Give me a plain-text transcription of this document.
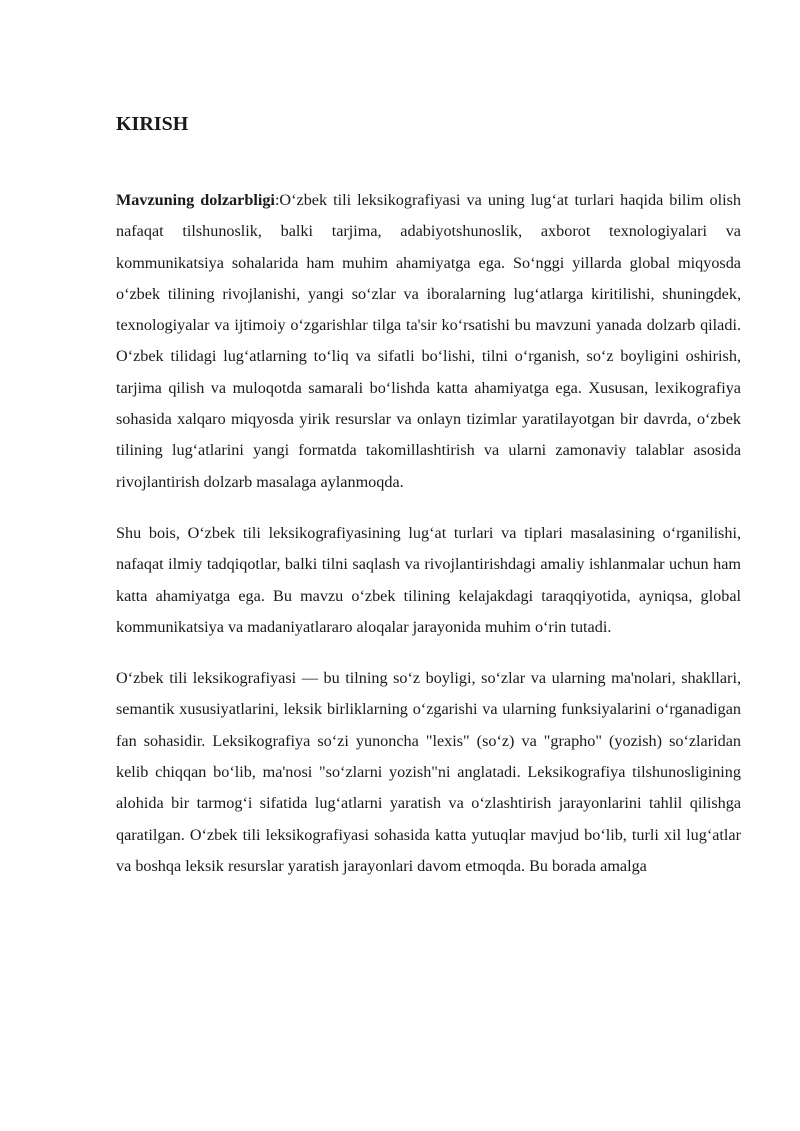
KIRISH

Mavzuning dolzarbligi:O‘zbek tili leksikografiyasi va uning lug‘at turlari haqida bilim olish nafaqat tilshunoslik, balki tarjima, adabiyotshunoslik, axborot texnologiyalari va kommunikatsiya sohalarida ham muhim ahamiyatga ega. So‘nggi yillarda global miqyosda o‘zbek tilining rivojlanishi, yangi so‘zlar va iboralarning lug‘atlarga kiritilishi, shuningdek, texnologiyalar va ijtimoiy o‘zgarishlar tilga ta'sir ko‘rsatishi bu mavzuni yanada dolzarb qiladi. O‘zbek tilidagi lug‘atlarning to‘liq va sifatli bo‘lishi, tilni o‘rganish, so‘z boyligini oshirish, tarjima qilish va muloqotda samarali bo‘lishda katta ahamiyatga ega. Xususan, lexikografiya sohasida xalqaro miqyosda yirik resurslar va onlayn tizimlar yaratilayotgan bir davrda, o‘zbek tilining lug‘atlarini yangi formatda takomillashtirish va ularni zamonaviy talablar asosida rivojlantirish dolzarb masalaga aylanmoqda.

Shu bois, O‘zbek tili leksikografiyasining lug‘at turlari va tiplari masalasining o‘rganilishi, nafaqat ilmiy tadqiqotlar, balki tilni saqlash va rivojlantirishdagi amaliy ishlanmalar uchun ham katta ahamiyatga ega. Bu mavzu o‘zbek tilining kelajakdagi taraqqiyotida, ayniqsa, global kommunikatsiya va madaniyatlararo aloqalar jarayonida muhim o‘rin tutadi.

O‘zbek tili leksikografiyasi — bu tilning so‘z boyligi, so‘zlar va ularning ma'nolari, shakllari, semantik xususiyatlarini, leksik birliklarning o‘zgarishi va ularning funksiyalarini o‘rganadigan fan sohasidir. Leksikografiya so‘zi yunoncha "lexis" (so‘z) va "grapho" (yozish) so‘zlaridan kelib chiqqan bo‘lib, ma'nosi "so‘zlarni yozish"ni anglatadi. Leksikografiya tilshunosligining alohida bir tarmog‘i sifatida lug‘atlarni yaratish va o‘zlashtirish jarayonlarini tahlil qilishga qaratilgan. O‘zbek tili leksikografiyasi sohasida katta yutuqlar mavjud bo‘lib, turli xil lug‘atlar va boshqa leksik resurslar yaratish jarayonlari davom etmoqda. Bu borada amalga
